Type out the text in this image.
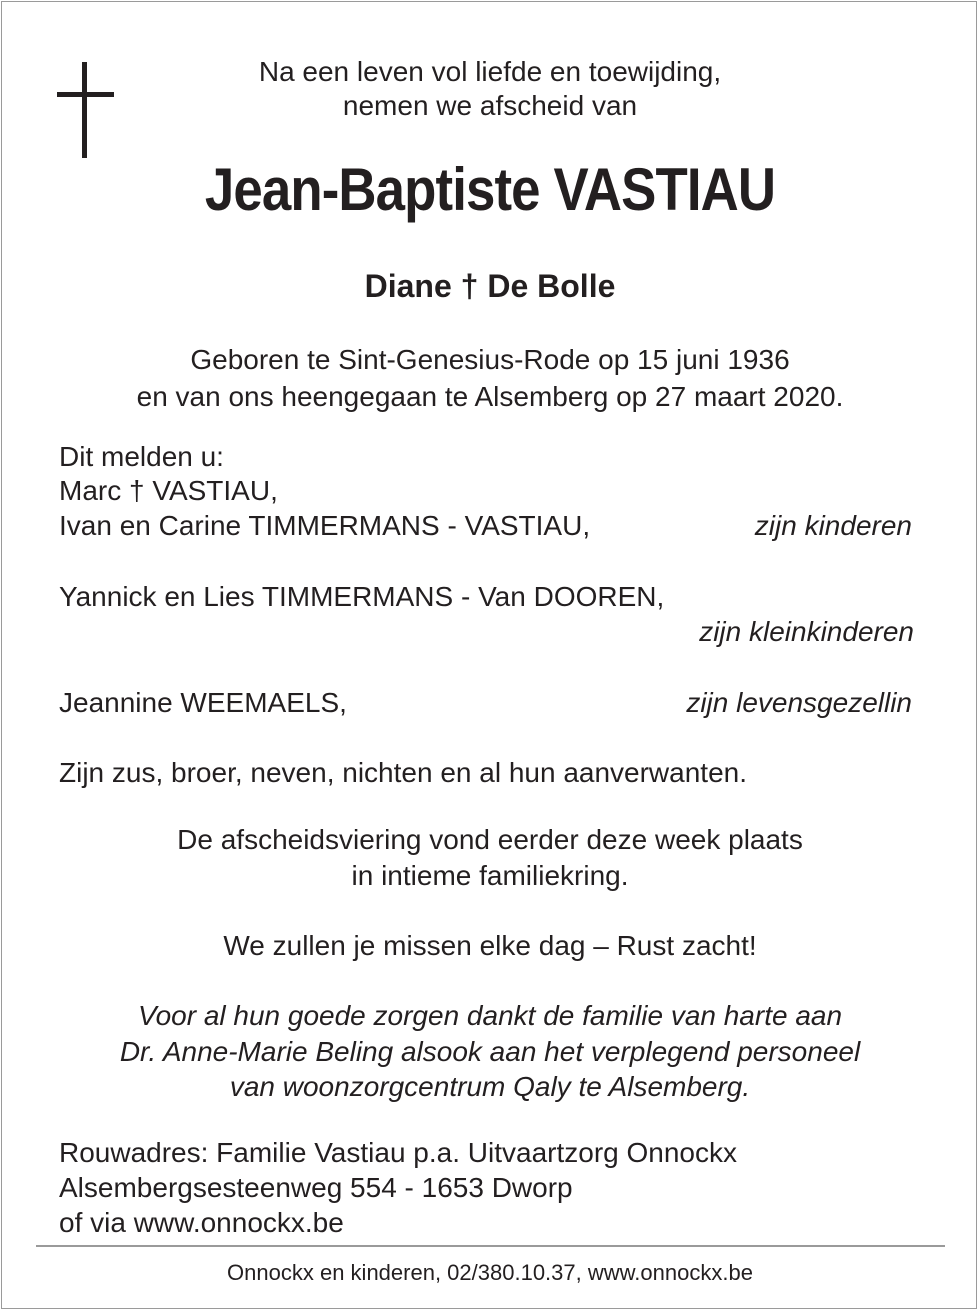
Na een leven vol liefde en toewijding,
nemen we afscheid van
Jean-Baptiste VASTIAU
Diane † De Bolle
Geboren te Sint-Genesius-Rode op 15 juni 1936
en van ons heengegaan te Alsemberg op 27 maart 2020.
Dit melden u:
Marc † VASTIAU,
Ivan en Carine TIMMERMANS - VASTIAU,	zijn kinderen
Yannick en Lies TIMMERMANS - Van DOOREN,
zijn kleinkinderen
Jeannine WEEMAELS,	zijn levensgezellin
Zijn zus, broer, neven, nichten en al hun aanverwanten.
De afscheidsviering vond eerder deze week plaats
in intieme familiekring.
We zullen je missen elke dag – Rust zacht!
Voor al hun goede zorgen dankt de familie van harte aan
Dr. Anne-Marie Beling alsook aan het verplegend personeel
van woonzorgcentrum Qaly te Alsemberg.
Rouwadres: Familie Vastiau p.a. Uitvaartzorg Onnockx
Alsembergsesteenweg 554 - 1653 Dworp
of via www.onnockx.be
Onnockx en kinderen, 02/380.10.37, www.onnockx.be
